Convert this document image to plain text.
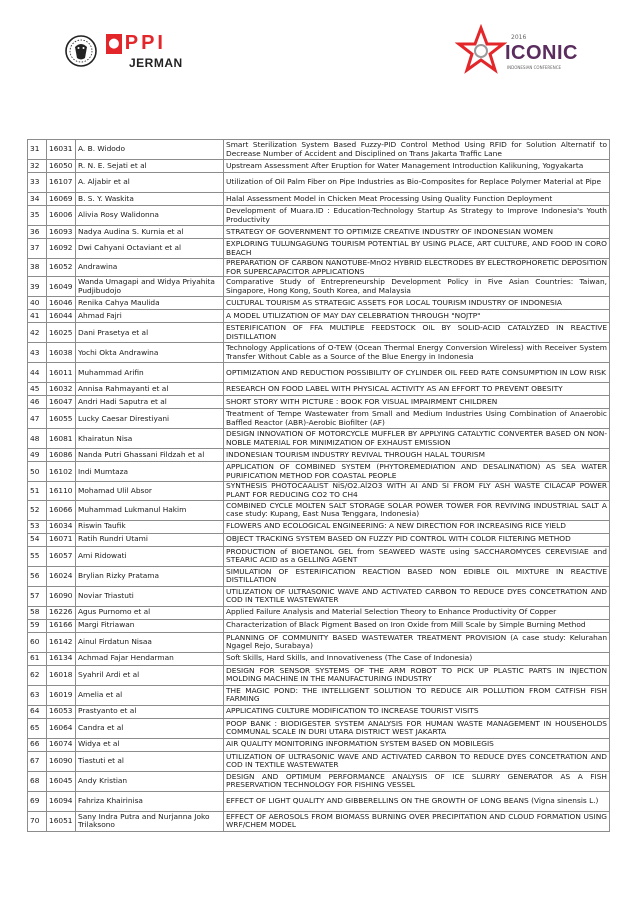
● PPI
JERMAN
2016
ICONIC
INDONESIAN CONFERENCE
31	16031	A. B. Widodo	Smart Sterilization System Based Fuzzy-PID Control Method Using RFID for Solution Alternatif to Decrease Number of Accident and Disciplined on Trans Jakarta Traffic Lane
32	16050	R. N. E. Sejati et al	Upstream Assessment After Eruption for Water Management Introduction Kalikuning, Yogyakarta
33	16107	A. Aljabir et al	Utilization of Oil Palm Fiber on Pipe Industries as Bio-Composites for Replace Polymer Material at Pipe
34	16069	B. S. Y. Waskita	Halal Assessment Model in Chicken Meat Processing Using Quality Function Deployment
35	16006	Alivia Rosy Walidonna	Development of Muara.ID : Education-Technology Startup As Strategy to Improve Indonesia's Youth Productivity
36	16093	Nadya Audina S. Kurnia et al	STRATEGY OF GOVERNMENT TO OPTIMIZE CREATIVE INDUSTRY OF INDONESIAN WOMEN
37	16092	Dwi Cahyani Octaviant et al	EXPLORING TULUNGAGUNG TOURISM POTENTIAL BY USING PLACE, ART CULTURE, AND FOOD IN CORO BEACH
38	16052	Andrawina	PREPARATION OF CARBON NANOTUBE-MnO2 HYBRID ELECTRODES BY ELECTROPHORETIC DEPOSITION FOR SUPERCAPACITOR APPLICATIONS
39	16049	Wanda Umagapi and Widya Priyahita Pudjibudojo	Comparative Study of Entrepreneurship Development Policy in Five Asian Countries: Taiwan, Singapore, Hong Kong, South Korea, and Malaysia
40	16046	Renika Cahya Maulida	CULTURAL TOURISM AS STRATEGIC ASSETS FOR LOCAL TOURISM INDUSTRY OF INDONESIA
41	16044	Ahmad Fajri	A MODEL UTILIZATION OF MAY DAY CELEBRATION THROUGH "NOJTP"
42	16025	Dani Prasetya et al	ESTERIFICATION OF FFA MULTIPLE FEEDSTOCK OIL BY SOLID-ACID CATALYZED IN REACTIVE DISTILLATION
43	16038	Yochi Okta Andrawina	Technology Applications of O-TEW (Ocean Thermal Energy Conversion Wireless) with Receiver System Transfer Without Cable as a Source of the Blue Energy in Indonesia
44	16011	Muhammad Arifin	OPTIMIZATION AND REDUCTION POSSIBILITY OF CYLINDER OIL FEED RATE CONSUMPTION IN LOW RISK
45	16032	Annisa Rahmayanti et al	RESEARCH ON FOOD LABEL WITH PHYSICAL ACTIVITY AS AN EFFORT TO PREVENT OBESITY
46	16047	Andri Hadi Saputra et al	SHORT STORY WITH PICTURE : BOOK FOR VISUAL IMPAIRMENT CHILDREN
47	16055	Lucky Caesar Direstiyani	Treatment of Tempe Wastewater from Small and Medium Industries Using Combination of Anaerobic Baffled Reactor (ABR)-Aerobic Biofilter (AF)
48	16081	Khairatun Nisa	DESIGN INNOVATION OF MOTORCYCLE MUFFLER BY APPLYING CATALYTIC CONVERTER BASED ON NON-NOBLE MATERIAL FOR MINIMIZATION OF EXHAUST EMISSION
49	16086	Nanda Putri Ghassani Fildzah et al	INDONESIAN TOURISM INDUSTRY REVIVAL THROUGH HALAL TOURISM
50	16102	Indi Mumtaza	APPLICATION OF COMBINED SYSTEM (PHYTOREMEDIATION AND DESALINATION) AS SEA WATER PURIFICATION METHOD FOR COASTAL PEOPLE
51	16110	Mohamad Ulil Absor	SYNTHESIS PHOTOCAALIST NiS/O2.Al2O3 WITH AI AND SI FROM FLY ASH WASTE CILACAP POWER PLANT FOR REDUCING CO2 TO CH4
52	16066	Muhammad Lukmanul Hakim	COMBINED CYCLE MOLTEN SALT STORAGE SOLAR POWER TOWER FOR REVIVING INDUSTRIAL SALT A case study: Kupang, East Nusa Tenggara, Indonesia)
53	16034	Riswin Taufik	FLOWERS AND ECOLOGICAL ENGINEERING: A NEW DIRECTION FOR INCREASING RICE YIELD
54	16071	Ratih Rundri Utami	OBJECT TRACKING SYSTEM BASED ON FUZZY PID CONTROL WITH COLOR FILTERING METHOD
55	16057	Ami Ridowati	PRODUCTION of BIOETANOL GEL from SEAWEED WASTE using SACCHAROMYCES CEREVISIAE and STEARIC ACID as a GELLING AGENT
56	16024	Brylian Rizky Pratama	SIMULATION OF ESTERIFICATION REACTION BASED NON EDIBLE OIL MIXTURE IN REACTIVE DISTILLATION
57	16090	Noviar Triastuti	UTILIZATION OF ULTRASONIC WAVE AND ACTIVATED CARBON TO REDUCE DYES CONCETRATION AND COD IN TEXTILE WASTEWATER
58	16226	Agus Purnomo et al	Applied Failure Analysis and Material Selection Theory to Enhance Productivity Of Copper
59	16166	Margi Fitriawan	Characterization of Black Pigment Based on Iron Oxide from Mill Scale by Simple Burning Method
60	16142	Ainul Firdatun Nisaa	PLANNING OF COMMUNITY BASED WASTEWATER TREATMENT PROVISION (A case study: Kelurahan Ngagel Rejo, Surabaya)
61	16134	Achmad Fajar Hendarman	Soft Skills, Hard Skills, and Innovativeness (The Case of Indonesia)
62	16018	Syahril Ardi et al	DESIGN FOR SENSOR SYSTEMS OF THE ARM ROBOT TO PICK UP PLASTIC PARTS IN INJECTION MOLDING MACHINE IN THE MANUFACTURING INDUSTRY
63	16019	Amelia et al	THE MAGIC POND: THE INTELLIGENT SOLUTION TO REDUCE AIR POLLUTION FROM CATFISH FISH FARMING
64	16053	Prastyanto et al	APPLICATING CULTURE MODIFICATION TO INCREASE TOURIST VISITS
65	16064	Candra et al	POOP BANK : BIODIGESTER SYSTEM ANALYSIS FOR HUMAN WASTE MANAGEMENT IN HOUSEHOLDS COMMUNAL SCALE IN DURI UTARA DISTRICT WEST JAKARTA
66	16074	Widya et al	AIR QUALITY MONITORING INFORMATION SYSTEM BASED ON MOBILEGIS
67	16090	Tiastuti et al	UTILIZATION OF ULTRASONIC WAVE AND ACTIVATED CARBON TO REDUCE DYES CONCETRATION AND COD IN TEXTILE WASTEWATER
68	16045	Andy Kristian	DESIGN AND OPTIMUM PERFORMANCE ANALYSIS OF ICE SLURRY GENERATOR AS A FISH PRESERVATION TECHNOLOGY FOR FISHING VESSEL
69	16094	Fahriza Khairinisa	EFFECT OF LIGHT QUALITY AND GIBBERELLINS ON THE GROWTH OF LONG BEANS (Vigna sinensis L.)
70	16051	Sany Indra Putra and Nurjanna Joko Trilaksono	EFFECT OF AEROSOLS FROM BIOMASS BURNING OVER PRECIPITATION AND CLOUD FORMATION USING WRF/CHEM MODEL
